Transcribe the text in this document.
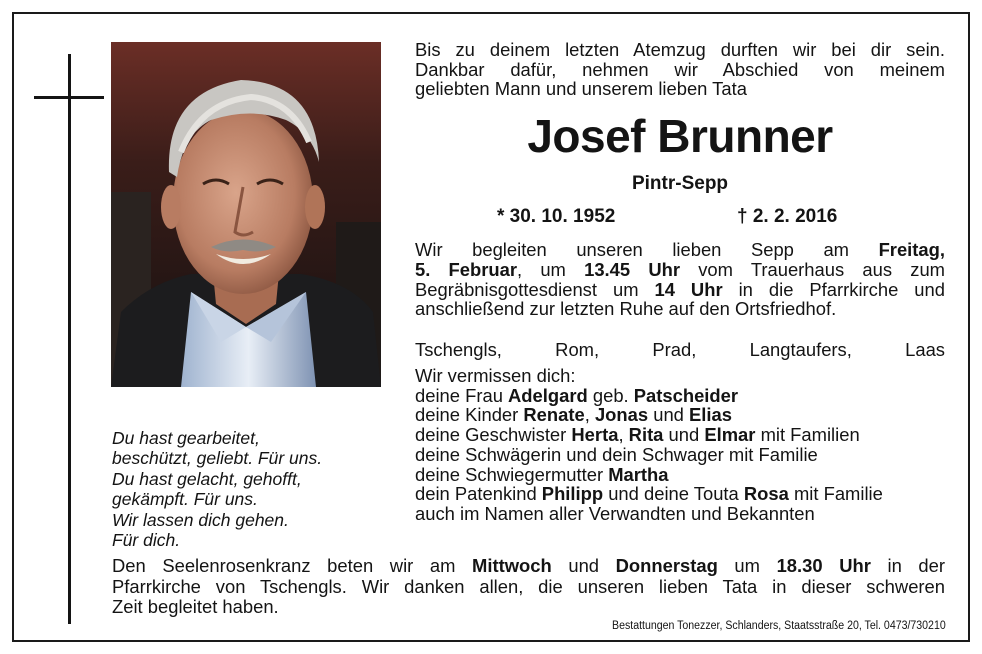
Bis zu deinem letzten Atemzug durften wir bei dir sein.
Dankbar dafür, nehmen wir Abschied von meinem
geliebten Mann und unserem lieben Tata
Josef Brunner
Pintr-Sepp
* 30. 10. 1952	† 2. 2. 2016
Wir begleiten unseren lieben Sepp am Freitag,
5. Februar, um 13.45 Uhr vom Trauerhaus aus zum
Begräbnisgottesdienst um 14 Uhr in die Pfarrkirche und
anschließend zur letzten Ruhe auf den Ortsfriedhof.
Tschengls, Rom, Prad, Langtaufers, Laas
Wir vermissen dich:
deine Frau Adelgard geb. Patscheider
deine Kinder Renate, Jonas und Elias
deine Geschwister Herta, Rita und Elmar mit Familien
deine Schwägerin und dein Schwager mit Familie
deine Schwiegermutter Martha
dein Patenkind Philipp und deine Touta Rosa mit Familie
auch im Namen aller Verwandten und Bekannten
Du hast gearbeitet,
beschützt, geliebt. Für uns.
Du hast gelacht, gehofft,
gekämpft. Für uns.
Wir lassen dich gehen.
Für dich.
Den Seelenrosenkranz beten wir am Mittwoch und Donnerstag um 18.30 Uhr in der
Pfarrkirche von Tschengls. Wir danken allen, die unseren lieben Tata in dieser schweren
Zeit begleitet haben.
Bestattungen Tonezzer, Schlanders, Staatsstraße 20, Tel. 0473/730210
